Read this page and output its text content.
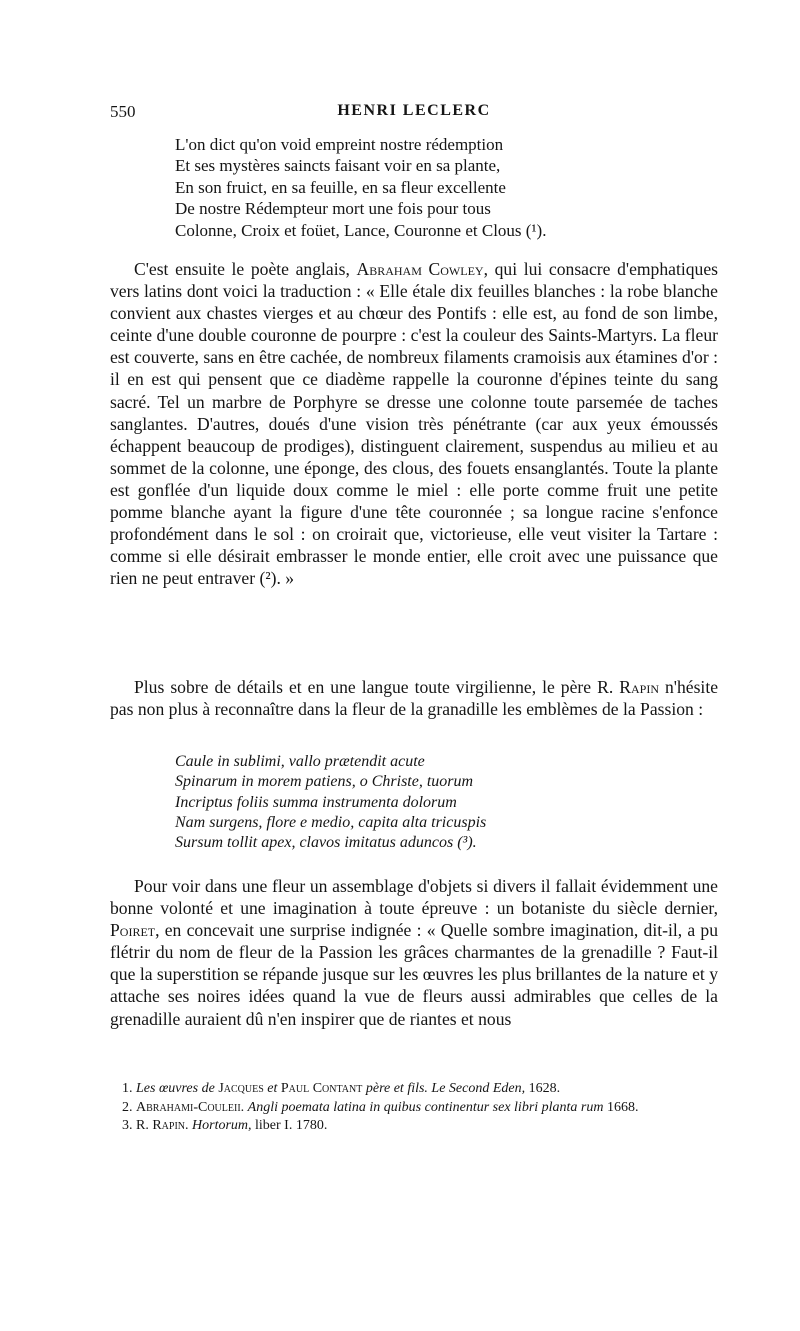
550	HENRI LECLERC
L'on dict qu'on void empreint nostre rédemption
Et ses mystères saincts faisant voir en sa plante,
En son fruict, en sa feuille, en sa fleur excellente
De nostre Rédempteur mort une fois pour tous
Colonne, Croix et foüet, Lance, Couronne et Clous (¹).

C'est ensuite le poète anglais, Abraham Cowley, qui lui consacre d'emphatiques vers latins dont voici la traduction : « Elle étale dix feuilles blanches : la robe blanche convient aux chastes vierges et au chœur des Pontifs : elle est, au fond de son limbe, ceinte d'une double couronne de pourpre : c'est la couleur des Saints-Martyrs. La fleur est couverte, sans en être cachée, de nombreux filaments cramoisis aux étamines d'or : il en est qui pensent que ce diadème rappelle la couronne d'épines teinte du sang sacré. Tel un marbre de Porphyre se dresse une colonne toute parsemée de taches sanglantes. D'autres, doués d'une vision très pénétrante (car aux yeux émoussés échappent beaucoup de prodiges), distinguent clairement, suspendus au milieu et au sommet de la colonne, une éponge, des clous, des fouets ensanglantés. Toute la plante est gonflée d'un liquide doux comme le miel : elle porte comme fruit une petite pomme blanche ayant la figure d'une tête couronnée ; sa longue racine s'enfonce profondément dans le sol : on croirait que, victorieuse, elle veut visiter la Tartare : comme si elle désirait embrasser le monde entier, elle croit avec une puissance que rien ne peut entraver (²). »

Plus sobre de détails et en une langue toute virgilienne, le père R. Rapin n'hésite pas non plus à reconnaître dans la fleur de la granadille les emblèmes de la Passion :

Caule in sublimi, vallo prætendit acute
Spinarum in morem patiens, o Christe, tuorum
Incriptus foliis summa instrumenta dolorum
Nam surgens, flore e medio, capita alta tricuspis
Sursum tollit apex, clavos imitatus aduncos (³).

Pour voir dans une fleur un assemblage d'objets si divers il fallait évidemment une bonne volonté et une imagination à toute épreuve : un botaniste du siècle dernier, Poiret, en concevait une surprise indignée : « Quelle sombre imagination, dit-il, a pu flétrir du nom de fleur de la Passion les grâces charmantes de la grenadille ? Faut-il que la superstition se répande jusque sur les œuvres les plus brillantes de la nature et y attache ses noires idées quand la vue de fleurs aussi admirables que celles de la grenadille auraient dû n'en inspirer que de riantes et nous

1. Les œuvres de Jacques et Paul Contant père et fils. Le Second Eden, 1628.
2. Abrahami-Couleii. Angli poemata latina in quibus continentur sex libri planta rum 1668.
3. R. Rapin. Hortorum, liber I. 1780.
